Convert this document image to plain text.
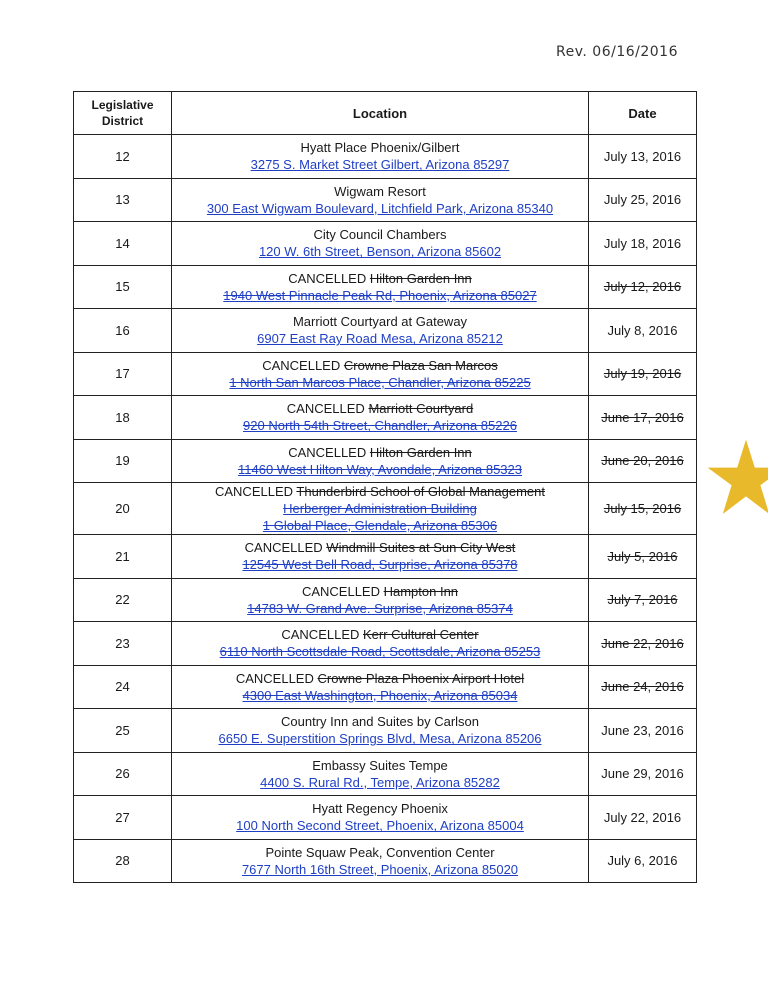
Rev. 06/16/2016
Legislative District	Location	Date
12	Hyatt Place Phoenix/Gilbert
3275 S. Market Street Gilbert, Arizona 85297	July 13, 2016
13	Wigwam Resort
300 East Wigwam Boulevard, Litchfield Park, Arizona 85340	July 25, 2016
14	City Council Chambers
120 W. 6th Street, Benson, Arizona 85602	July 18, 2016
15	CANCELLED Hilton Garden Inn
1940 West Pinnacle Peak Rd, Phoenix, Arizona 85027	July 12, 2016
16	Marriott Courtyard at Gateway
6907 East Ray Road Mesa, Arizona 85212	July 8, 2016
17	CANCELLED Crowne Plaza San Marcos
1 North San Marcos Place, Chandler, Arizona 85225	July 19, 2016
18	CANCELLED Marriott Courtyard
920 North 54th Street, Chandler, Arizona 85226	June 17, 2016
19	CANCELLED Hilton Garden Inn
11460 West Hilton Way, Avondale, Arizona 85323	June 20, 2016
20	CANCELLED Thunderbird School of Global Management
Herberger Administration Building
1 Global Place, Glendale, Arizona 85306	July 15, 2016
21	CANCELLED Windmill Suites at Sun City West
12545 West Bell Road, Surprise, Arizona 85378	July 5, 2016
22	CANCELLED Hampton Inn
14783 W. Grand Ave. Surprise, Arizona 85374	July 7, 2016
23	CANCELLED Kerr Cultural Center
6110 North Scottsdale Road, Scottsdale, Arizona 85253	June 22, 2016
24	CANCELLED Crowne Plaza Phoenix Airport Hotel
4300 East Washington, Phoenix, Arizona 85034	June 24, 2016
25	Country Inn and Suites by Carlson
6650 E. Superstition Springs Blvd, Mesa, Arizona 85206	June 23, 2016
26	Embassy Suites Tempe
4400 S. Rural Rd., Tempe, Arizona 85282	June 29, 2016
27	Hyatt Regency Phoenix
100 North Second Street, Phoenix, Arizona 85004	July 22, 2016
28	Pointe Squaw Peak, Convention Center
7677 North 16th Street, Phoenix, Arizona 85020	July 6, 2016
